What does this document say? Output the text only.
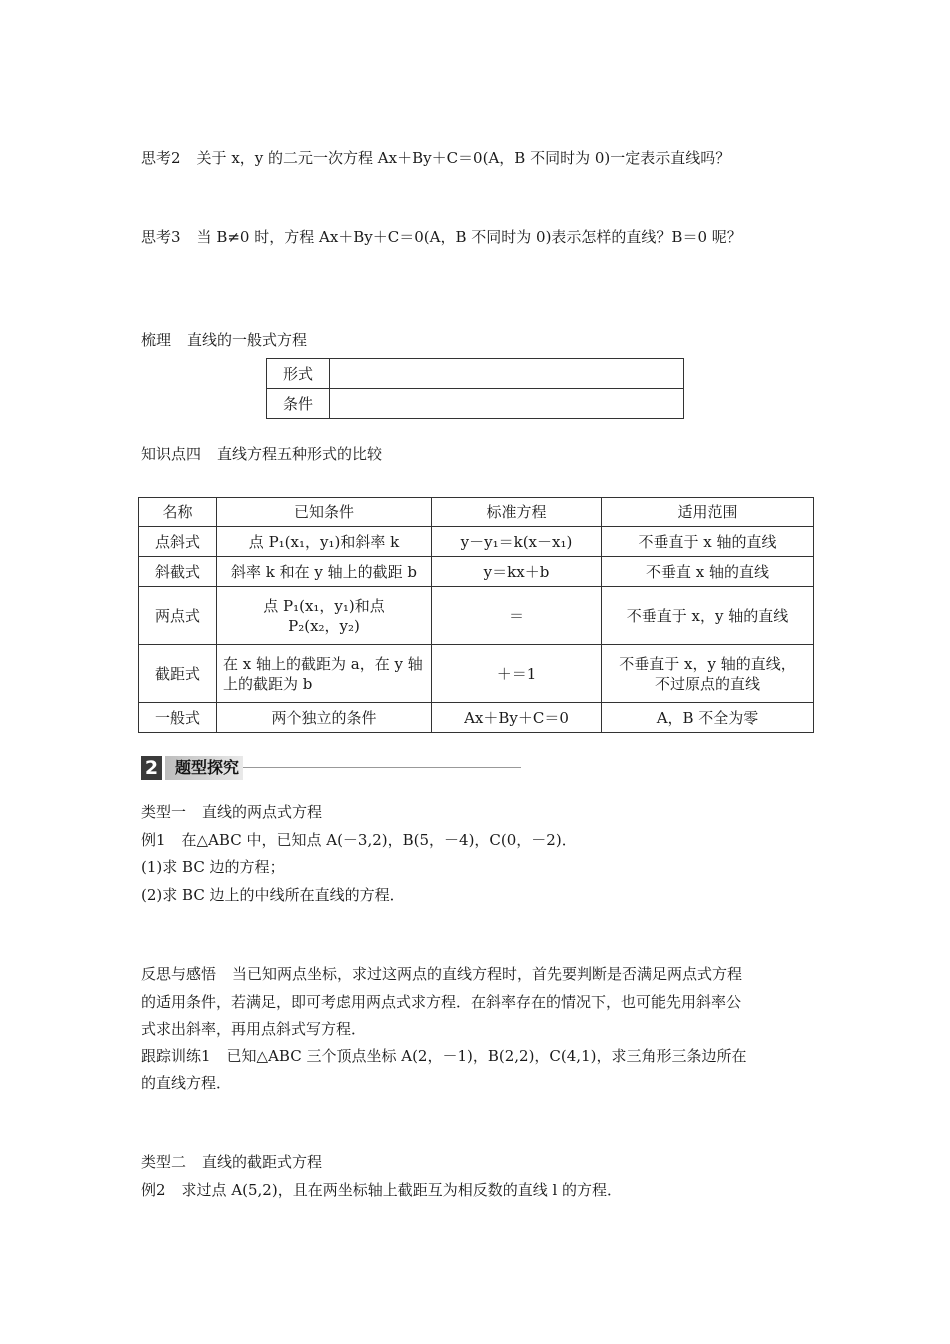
思考2 关于 x，y 的二元一次方程 Ax＋By＋C＝0(A，B 不同时为 0)一定表示直线吗？
思考3 当 B≠0 时，方程 Ax＋By＋C＝0(A，B 不同时为 0)表示怎样的直线？B＝0 呢？
梳理 直线的一般式方程
形式	
条件	
知识点四 直线方程五种形式的比较
名称	已知条件	标准方程	适用范围
点斜式	点 P₁(x₁，y₁)和斜率 k	y－y₁＝k(x－x₁)	不垂直于 x 轴的直线
斜截式	斜率 k 和在 y 轴上的截距 b	y＝kx＋b	不垂直 x 轴的直线
两点式	点 P₁(x₁，y₁)和点 P₂(x₂，y₂)	＝	不垂直于 x，y 轴的直线
截距式	在 x 轴上的截距为 a，在 y 轴上的截距为 b	＋＝1	不垂直于 x，y 轴的直线，不过原点的直线
一般式	两个独立的条件	Ax＋By＋C＝0	A，B 不全为零
2 题型探究
类型一 直线的两点式方程
例1 在△ABC 中，已知点 A(－3,2)，B(5，－4)，C(0，－2)．
(1)求 BC 边的方程；
(2)求 BC 边上的中线所在直线的方程．
反思与感悟 当已知两点坐标，求过这两点的直线方程时，首先要判断是否满足两点式方程
的适用条件，若满足，即可考虑用两点式求方程．在斜率存在的情况下，也可能先用斜率公
式求出斜率，再用点斜式写方程．
跟踪训练1 已知△ABC 三个顶点坐标 A(2，－1)，B(2,2)，C(4,1)，求三角形三条边所在
的直线方程．
类型二 直线的截距式方程
例2 求过点 A(5,2)，且在两坐标轴上截距互为相反数的直线 l 的方程．
